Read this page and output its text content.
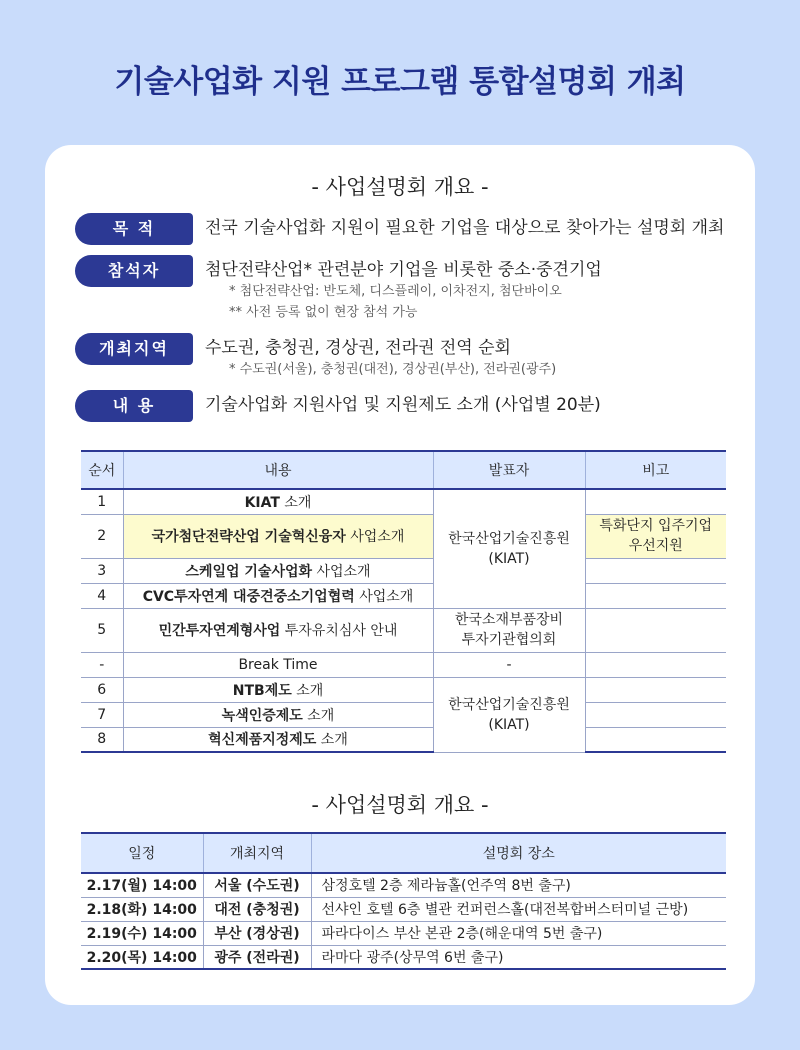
기술사업화 지원 프로그램 통합설명회 개최
- 사업설명회 개요 -
목 적	전국 기술사업화 지원이 필요한 기업을 대상으로 찾아가는 설명회 개최
참석자	첨단전략산업* 관련분야 기업을 비롯한 중소·중견기업
* 첨단전략산업: 반도체, 디스플레이, 이차전지, 첨단바이오
** 사전 등록 없이 현장 참석 가능
개최지역	수도권, 충청권, 경상권, 전라권 전역 순회
* 수도권(서울), 충청권(대전), 경상권(부산), 전라권(광주)
내 용	기술사업화 지원사업 및 지원제도 소개 (사업별 20분)
순서	내용	발표자	비고
1	KIAT 소개	한국산업기술진흥원
(KIAT)	

2	국가첨단전략산업 기술혁신융자 사업소개		특화단지 입주기업
우선지원

3	스케일업 기술사업화 사업소개		
4	CVC투자연계 대중견중소기업협력 사업소개		
5	민간투자연계형사업 투자유치심사 안내	한국소재부품장비
투자기관협의회	

-	Break Time	-	
6	NTB제도 소개	한국산업기술진흥원
(KIAT)	

7	녹색인증제도 소개		
8	혁신제품지정제도 소개		
- 사업설명회 개요 -
일정	개최지역	설명회 장소
2.17(월) 14:00	서울 (수도권)	삼정호텔 2층 제라늄홀(언주역 8번 출구)
2.18(화) 14:00	대전 (충청권)	선샤인 호텔 6층 별관 컨퍼런스홀(대전복합버스터미널 근방)
2.19(수) 14:00	부산 (경상권)	파라다이스 부산 본관 2층(해운대역 5번 출구)
2.20(목) 14:00	광주 (전라권)	라마다 광주(상무역 6번 출구)
